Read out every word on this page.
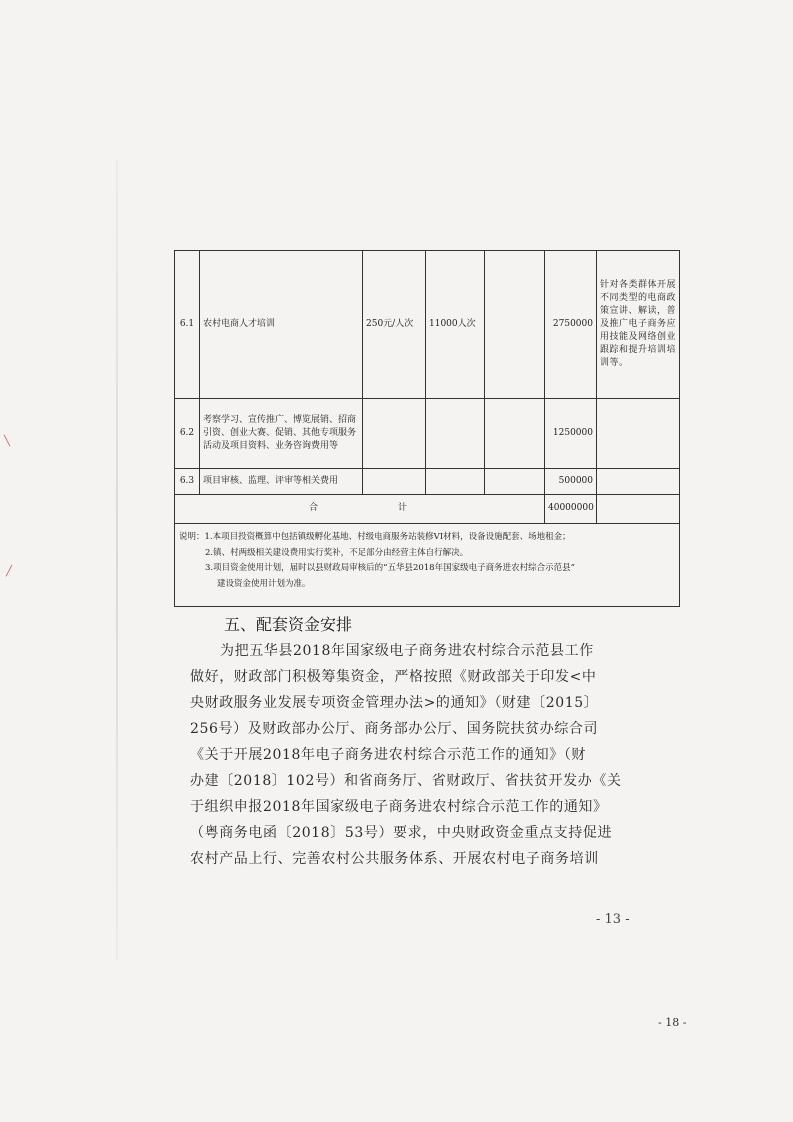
╲
╱
6.1	农村电商人才培训	250元/人次	11000人次		2750000	针对各类群体开展不同类型的电商政策宣讲、解读，普及推广电子商务应用技能及网络创业跟踪和提升培训培训等。
6.2	考察学习、宣传推广、博览展销、招商引资、创业大赛、促销、其他专项服务活动及项目资料、业务咨询费用等				1250000	
6.3	项目审核、监理、评审等相关费用				500000	
合计					40000000	

说明：1.本项目投资概算中包括镇级孵化基地、村级电商服务站装修VI材料，设备设施配套、场地租金；
2.镇、村两级相关建设费用实行奖补，不足部分由经营主体自行解决。
3.项目资金使用计划，届时以县财政局审核后的“五华县2018年国家级电子商务进农村综合示范县”
建设资金使用计划为准。						
五、配套资金安排

为把五华县2018年国家级电子商务进农村综合示范县工作

做好，财政部门积极筹集资金，严格按照《财政部关于印发<中

央财政服务业发展专项资金管理办法>的通知》（财建〔2015〕

256号）及财政部办公厅、商务部办公厅、国务院扶贫办综合司

《关于开展2018年电子商务进农村综合示范工作的通知》（财

办建〔2018〕102号）和省商务厅、省财政厅、省扶贫开发办《关

于组织申报2018年国家级电子商务进农村综合示范工作的通知》

（粤商务电函〔2018〕53号）要求，中央财政资金重点支持促进

农村产品上行、完善农村公共服务体系、开展农村电子商务培训

- 13 -
- 18 -
